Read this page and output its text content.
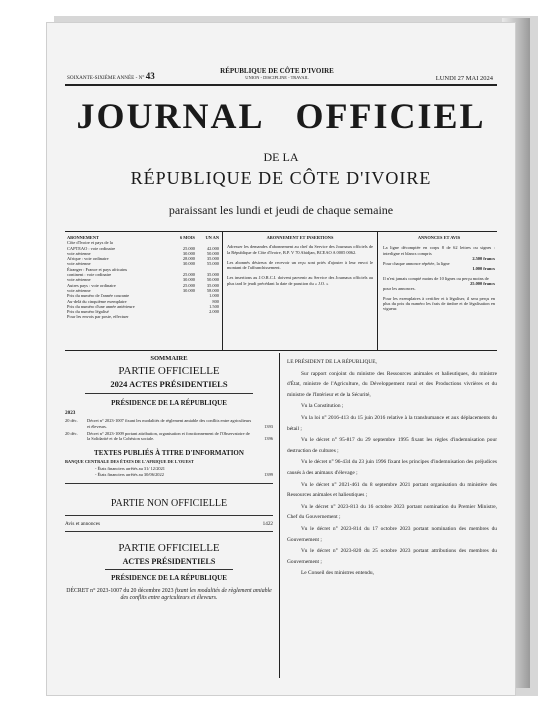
SOIXANTE-SIXIÈME ANNÉE - N° 43	RÉPUBLIQUE DE CÔTE D'IVOIRE
UNION - DISCIPLINE - TRAVAIL	LUNDI 27 MAI 2024
JOURNAL   OFFICIEL
DE LA
RÉPUBLIQUE DE CÔTE D'IVOIRE
paraissant les lundi et jeudi de chaque semaine
ABONNEMENT	6 MOIS	UN AN
Côte d'Ivoire et pays de la
CAPTEAO : voie ordinaire	25.000	42.000
voie aérienne	30.000	50.000
Afrique : voie ordinaire	28.000	35.000
voie aérienne	30.000	55.000
Étranger : France et pays africains
continent : voie ordinaire	25.000	35.000
voie aérienne	30.000	50.000
Autres pays : voie ordinaire	25.000	35.000
voie aérienne	30.000	58.000
Prix du numéro de l'année courante	1.000
Au-delà du cinquième exemplaire	800
Prix du numéro d'une année antérieure	1.500
Prix du numéro légalisé	2.000
Pour les envois par poste, effectuer
ABONNEMENT ET INSERTIONS
Adresser les demandes d'abonnement au chef du Service des Journaux officiels de la République de Côte d'Ivoire, B.P. V 70 Abidjan, BCEAO A 0005 0062.
Les abonnés désireux de recevoir un reçu sont priés d'ajouter à leur envoi le montant de l'affranchissement.
Les insertions au J.O.R.C.I. doivent parvenir au Service des Journaux officiels au plus tard le jeudi précédant la date de parution du « J.O. »
ANNONCES ET AVIS
La ligne décomptée en corps 8 de 62 lettres ou signes : interligne et blancs compris
2.500 francs
Pour chaque annonce répétée, la ligne
1.000 francs
Il n'est jamais compté moins de 10 lignes ou perçu moins de
25.000 francs
pour les annonces.
Pour les exemplaires à certifier et à légaliser, il sera perçu en plus du prix du numéro les frais de timbre et de légalisation en vigueur.
SOMMAIRE
PARTIE OFFICIELLE
2024 ACTES PRÉSIDENTIELS
PRÉSIDENCE DE LA RÉPUBLIQUE
2023
20 déc.	Décret n° 2023-1007 fixant les modalités de règlement amiable des conflits entre agriculteurs et éleveurs.	1393
20 déc.	Décret n° 2023-1009 portant attribution, organisation et fonctionnement de l'Observatoire de la Solidarité et de la Cohésion sociale.	1396
TEXTES PUBLIÉS À TITRE D'INFORMATION
BANQUE CENTRALE DES ÉTATS DE L'AFRIQUE DE L'OUEST
- États financiers arrêtés au 31/ 12/2021
- États financiers arrêtés au 30/06/2022	1399
PARTIE NON OFFICIELLE
Avis et annonces	1422
PARTIE OFFICIELLE
ACTES PRÉSIDENTIELS
PRÉSIDENCE DE LA RÉPUBLIQUE
DÉCRET n° 2023-1007 du 20 décembre 2023 fixant les modalités de règlement amiable des conflits entre agriculteurs et éleveurs.
LE PRÉSIDENT DE LA RÉPUBLIQUE,
Sur rapport conjoint du ministre des Ressources animales et halieutiques, du ministre d'État, ministre de l'Agriculture, du Développement rural et des Productions vivrières et du ministre de l'Intérieur et de la Sécurité,
Vu la Constitution ;
Vu la loi n° 2016-413 du 15 juin 2016 relative à la transhumance et aux déplacements du bétail ;
Vu le décret n° 95-817 du 29 septembre 1995 fixant les règles d'indemnisation pour destruction de cultures ;
Vu le décret n° 96-434 du 23 juin 1996 fixant les principes d'indemnisation des préjudices causés à des animaux d'élevage ;
Vu le décret n° 2021-461 du 8 septembre 2021 portant organisation du ministère des Ressources animales et halieutiques ;
Vu le décret n° 2023-813 du 16 octobre 2023 portant nomination du Premier Ministre, Chef du Gouvernement ;
Vu le décret n° 2023-814 du 17 octobre 2023 portant nomination des membres du Gouvernement ;
Vu le décret n° 2023-820 du 25 octobre 2023 portant attributions des membres du Gouvernement ;
Le Conseil des ministres entendu,
